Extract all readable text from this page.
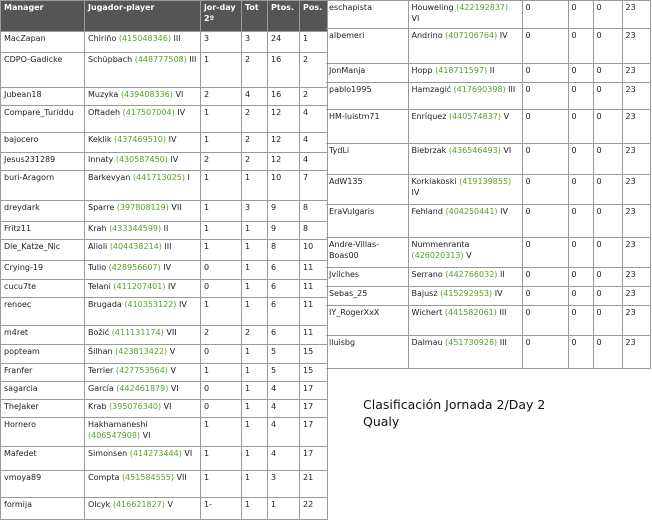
Manager	Jugador-player	jor-day 2º	Tot	Ptos.	Pos.
MacZapan	Chiriño (415048346) III	3	3	24	1
CDPO-Gadicke	Schüpbach (448777508) III	1	2	16	2
Jubean18	Muzyka (439408336) VI	2	4	16	2
Compare_Turiddu	Oftadeh (417507004) IV	1	2	12	4
bajocero	Keklik (437469510) IV	1	2	12	4
Jesus231289	Innaty (430587450) IV	2	2	12	4
buri-Aragorn	Barkevyan (441713025) I	1	1	10	7
dreydark	Sparre (397808119) VII	1	3	9	8
Fritz11	Krah (433344599) II	1	1	9	8
Die_Katze_Nic	Alioli (404438214) III	1	1	8	10
Crying-19	Tulio (428956607) IV	0	1	6	11
cucu7te	Telani (411207401) IV	0	1	6	11
renoec	Brugada (410353122) IV	1	1	6	11
m4ret	Božić (411131174) VII	2	2	6	11
popteam	Šilhan (423813422) V	0	1	5	15
Franfer	Terrier (427753564) V	1	1	5	15
sagarcia	García (442461879) VI	0	1	4	17
TheJaker	Krab (395076340) VI	0	1	4	17
Hornero	Hakhamaneshi (406547908) VI	1	1	4	17
Mafedet	Simonsen (414273444) VI	1	1	4	17
vmoya89	Compta (451584555) VII	1	1	3	21
formija	Olcyk (416621827) V	1-	1	1	22
eschapista	Houweling (422192837) VI	0	0	0	23
albemeri	Andrino (407106764) IV	0	0	0	23
JonManja	Hopp (418711597) II	0	0	0	23
pablo1995	Hamzagić (417690398) III	0	0	0	23
HM-luistm71	Enríquez (440574837) V	0	0	0	23
TydLi	Biebrzak (436546493) VI	0	0	0	23
AdW135	Korkiakoski (419139855) IV	0	0	0	23
EraVulgaris	Fehland (404250441) IV	0	0	0	23
Andre-Villas-Boas00	Nummenranta (426020313) V	0	0	0	23
Jvilches	Serrano (442766032) II	0	0	0	23
Sebas_25	Bajusz (415292953) IV	0	0	0	23
IY_RogerXxX	Wichert (441582061) III	0	0	0	23
lluisbg	Dalmau (451730928) III	0	0	0	23
Clasificación Jornada 2/Day 2
Qualy
